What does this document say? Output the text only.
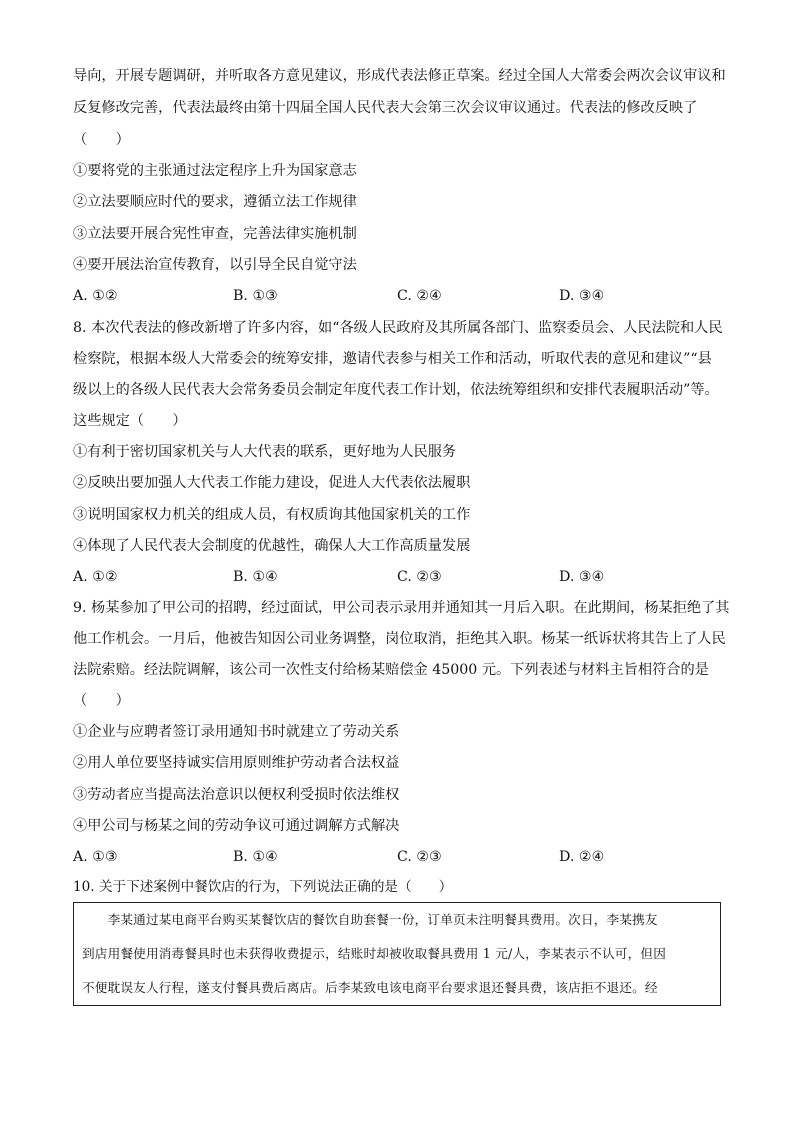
导向，开展专题调研，并听取各方意见建议，形成代表法修正草案。经过全国人大常委会两次会议审议和
反复修改完善，代表法最终由第十四届全国人民代表大会第三次会议审议通过。代表法的修改反映了
（　　）
①要将党的主张通过法定程序上升为国家意志
②立法要顺应时代的要求，遵循立法工作规律
③立法要开展合宪性审查，完善法律实施机制
④要开展法治宣传教育，以引导全民自觉守法
A. ①②	B. ①③	C. ②④	D. ③④
8. 本次代表法的修改新增了许多内容，如“各级人民政府及其所属各部门、监察委员会、人民法院和人民
检察院，根据本级人大常委会的统筹安排，邀请代表参与相关工作和活动，听取代表的意见和建议”“县
级以上的各级人民代表大会常务委员会制定年度代表工作计划，依法统筹组织和安排代表履职活动”等。
这些规定（　　）
①有利于密切国家机关与人大代表的联系，更好地为人民服务
②反映出要加强人大代表工作能力建设，促进人大代表依法履职
③说明国家权力机关的组成人员，有权质询其他国家机关的工作
④体现了人民代表大会制度的优越性，确保人大工作高质量发展
A. ①②	B. ①④	C. ②③	D. ③④
9. 杨某参加了甲公司的招聘，经过面试，甲公司表示录用并通知其一月后入职。在此期间，杨某拒绝了其
他工作机会。一月后，他被告知因公司业务调整，岗位取消，拒绝其入职。杨某一纸诉状将其告上了人民
法院索赔。经法院调解，该公司一次性支付给杨某赔偿金 45000 元。下列表述与材料主旨相符合的是
（　　）
①企业与应聘者签订录用通知书时就建立了劳动关系
②用人单位要坚持诚实信用原则维护劳动者合法权益
③劳动者应当提高法治意识以便权利受损时依法维权
④甲公司与杨某之间的劳动争议可通过调解方式解决
A. ①③	B. ①④	C. ②③	D. ②④
10. 关于下述案例中餐饮店的行为，下列说法正确的是（　　）
　　李某通过某电商平台购买某餐饮店的餐饮自助套餐一份，订单页未注明餐具费用。次日，李某携友
到店用餐使用消毒餐具时也未获得收费提示，结账时却被收取餐具费用 1 元/人，李某表示不认可，但因
不便耽误友人行程，遂支付餐具费后离店。后李某致电该电商平台要求退还餐具费，该店拒不退还。经
